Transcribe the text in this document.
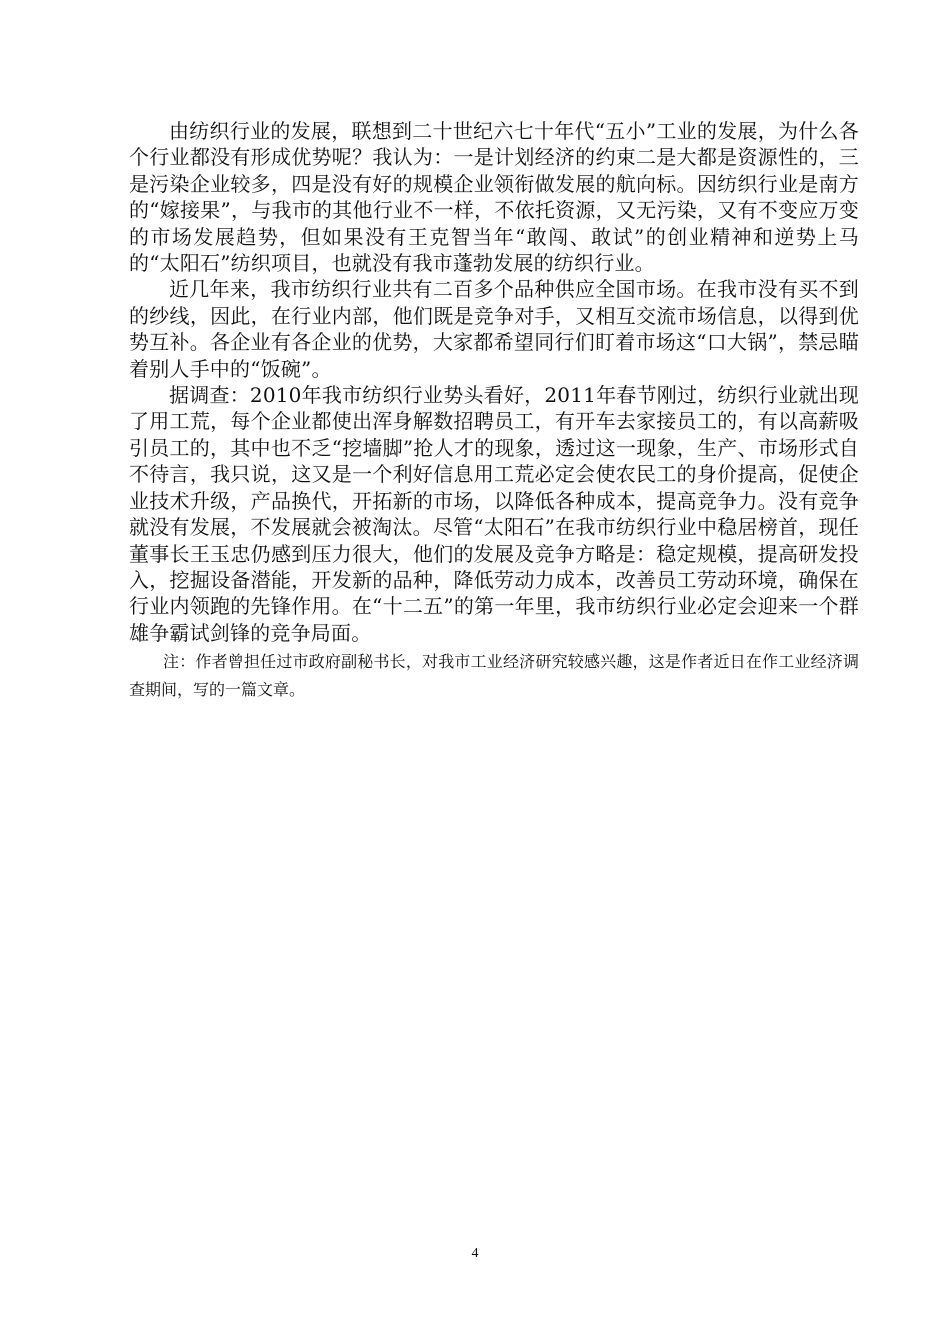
由纺织行业的发展，联想到二十世纪六七十年代“五小”工业的发展，为什么各个行业都没有形成优势呢？我认为：一是计划经济的约束二是大都是资源性的，三是污染企业较多，四是没有好的规模企业领衔做发展的航向标。因纺织行业是南方的“嫁接果”，与我市的其他行业不一样，不依托资源，又无污染，又有不变应万变的市场发展趋势，但如果没有王克智当年“敢闯、敢试”的创业精神和逆势上马的“太阳石”纺织项目，也就没有我市蓬勃发展的纺织行业。

近几年来，我市纺织行业共有二百多个品种供应全国市场。在我市没有买不到的纱线，因此，在行业内部，他们既是竞争对手，又相互交流市场信息，以得到优势互补。各企业有各企业的优势，大家都希望同行们盯着市场这“口大锅”，禁忌瞄着别人手中的“饭碗”。

据调查：2010年我市纺织行业势头看好，2011年春节刚过，纺织行业就出现了用工荒，每个企业都使出浑身解数招聘员工，有开车去家接员工的，有以高薪吸引员工的，其中也不乏“挖墙脚”抢人才的现象，透过这一现象，生产、市场形式自不待言，我只说，这又是一个利好信息用工荒必定会使农民工的身价提高，促使企业技术升级，产品换代，开拓新的市场，以降低各种成本，提高竞争力。没有竞争就没有发展，不发展就会被淘汰。尽管“太阳石”在我市纺织行业中稳居榜首，现任董事长王玉忠仍感到压力很大，他们的发展及竞争方略是：稳定规模，提高研发投入，挖掘设备潜能，开发新的品种，降低劳动力成本，改善员工劳动环境，确保在行业内领跑的先锋作用。在“十二五”的第一年里，我市纺织行业必定会迎来一个群雄争霸试剑锋的竞争局面。

注：作者曾担任过市政府副秘书长，对我市工业经济研究较感兴趣，这是作者近日在作工业经济调查期间，写的一篇文章。

4
